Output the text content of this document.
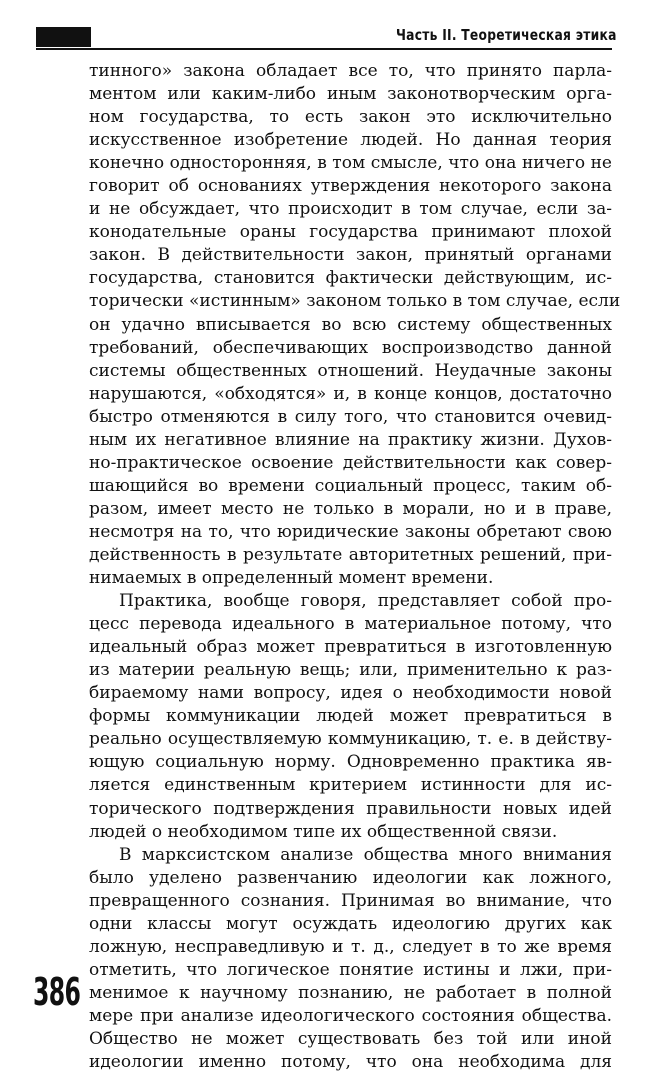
Часть II. Теоретическая этика
тинного» закона обладает все то, что принято парла-
ментом или каким-либо иным законотворческим орга-
ном государства, то есть закон это исключительно
искусственное изобретение людей. Но данная теория
конечно односторонняя, в том смысле, что она ничего не
говорит об основаниях утверждения некоторого закона
и не обсуждает, что происходит в том случае, если за-
конодательные ораны государства принимают плохой
закон. В действительности закон, принятый органами
государства, становится фактически действующим, ис-
торически «истинным» законом только в том случае, если
он удачно вписывается во всю систему общественных
требований, обеспечивающих воспроизводство данной
системы общественных отношений. Неудачные законы
нарушаются, «обходятся» и, в конце концов, достаточно
быстро отменяются в силу того, что становится очевид-
ным их негативное влияние на практику жизни. Духов-
но-практическое освоение действительности как совер-
шающийся во времени социальный процесс, таким об-
разом, имеет место не только в морали, но и в праве,
несмотря на то, что юридические законы обретают свою
действенность в результате авторитетных решений, при-
нимаемых в определенный момент времени.
Практика, вообще говоря, представляет собой про-
цесс перевода идеального в материальное потому, что
идеальный образ может превратиться в изготовленную
из материи реальную вещь; или, применительно к раз-
бираемому нами вопросу, идея о необходимости новой
формы коммуникации людей может превратиться в
реально осуществляемую коммуникацию, т. е. в действу-
ющую социальную норму. Одновременно практика яв-
ляется единственным критерием истинности для ис-
торического подтверждения правильности новых идей
людей о необходимом типе их общественной связи.
В марксистском анализе общества много внимания
было уделено развенчанию идеологии как ложного,
превращенного сознания. Принимая во внимание, что
одни классы могут осуждать идеологию других как
ложную, несправедливую и т. д., следует в то же время
отметить, что логическое понятие истины и лжи, при-
менимое к научному познанию, не работает в полной
мере при анализе идеологического состояния общества.
Общество не может существовать без той или иной
идеологии именно потому, что она необходима для
386
